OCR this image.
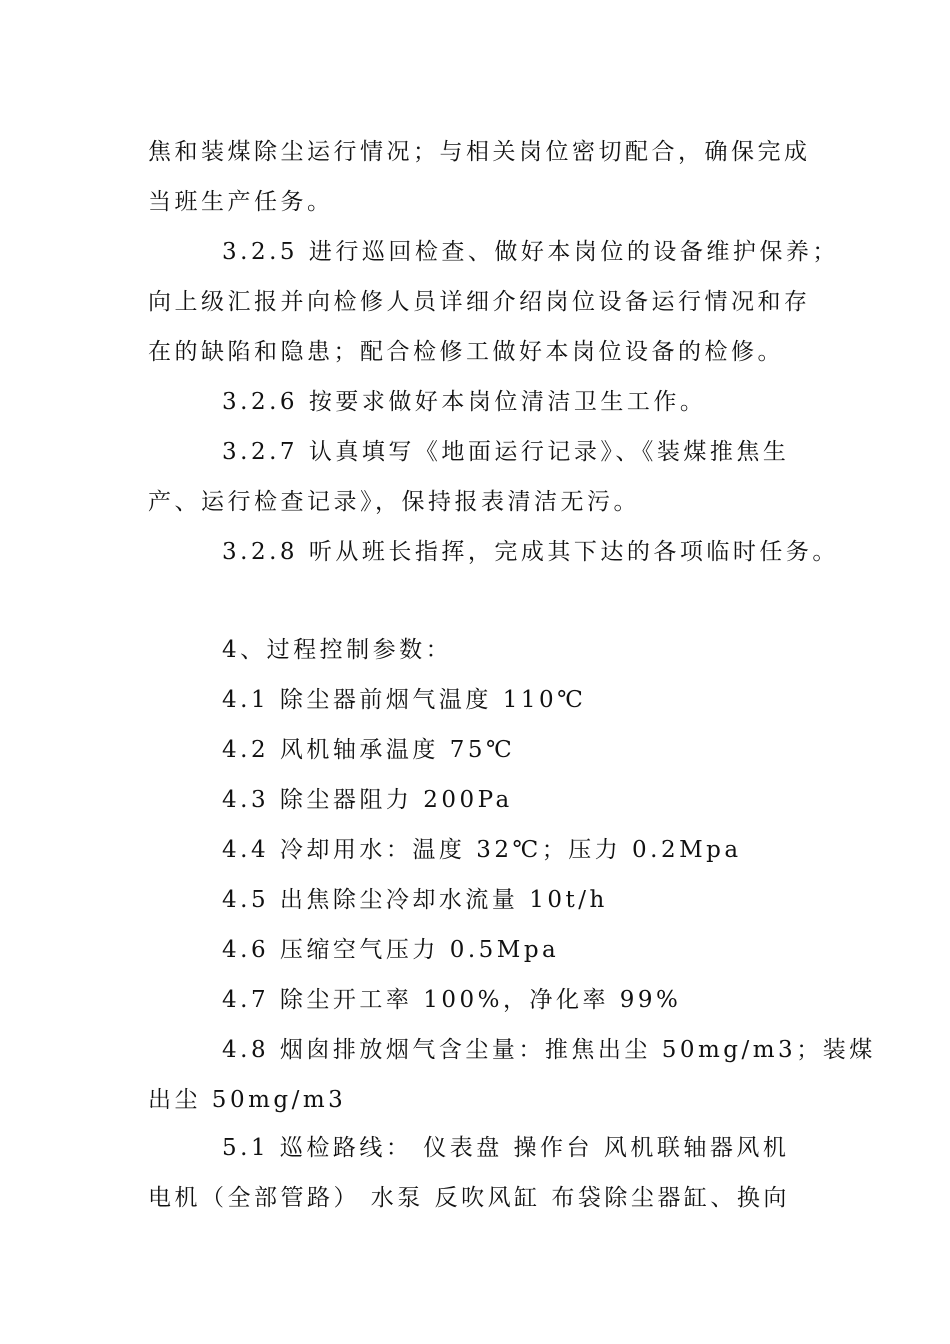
焦和装煤除尘运行情况；与相关岗位密切配合，确保完成
当班生产任务。
3.2.5 进行巡回检查、做好本岗位的设备维护保养；
向上级汇报并向检修人员详细介绍岗位设备运行情况和存
在的缺陷和隐患；配合检修工做好本岗位设备的检修。
3.2.6 按要求做好本岗位清洁卫生工作。
3.2.7 认真填写《地面运行记录》、《装煤推焦生
产、运行检查记录》，保持报表清洁无污。
3.2.8 听从班长指挥，完成其下达的各项临时任务。
4、过程控制参数：
4.1 除尘器前烟气温度 110℃
4.2 风机轴承温度 75℃
4.3 除尘器阻力 200Pa
4.4 冷却用水：温度 32℃；压力 0.2Mpa
4.5 出焦除尘冷却水流量 10t/h
4.6 压缩空气压力 0.5Mpa
4.7 除尘开工率 100%，净化率 99%
4.8 烟囱排放烟气含尘量：推焦出尘 50mg/m3；装煤
出尘 50mg/m3
5.1 巡检路线： 仪表盘 操作台 风机联轴器风机
电机（全部管路） 水泵 反吹风缸 布袋除尘器缸、换向
